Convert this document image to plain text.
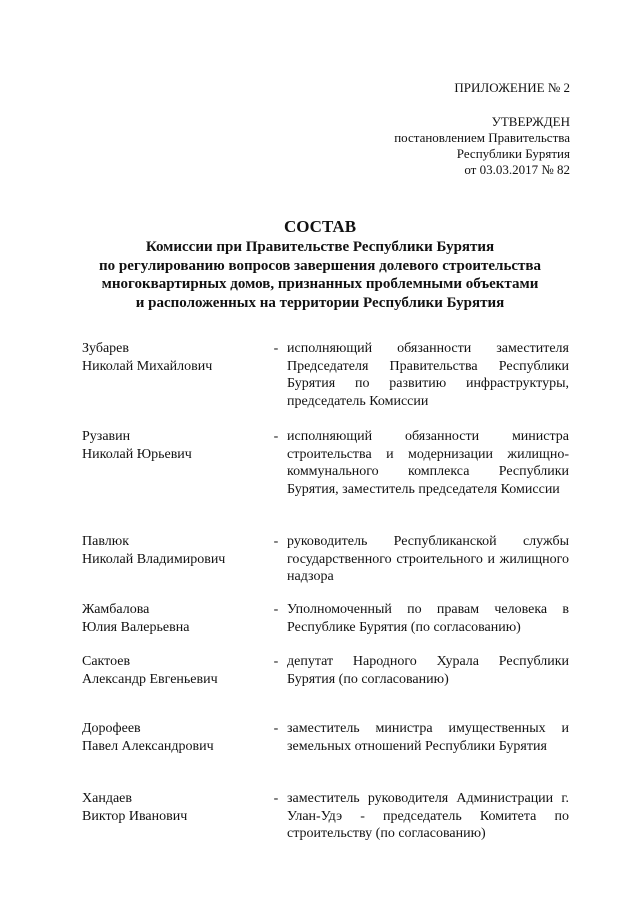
ПРИЛОЖЕНИЕ № 2
УТВЕРЖДЕН
постановлением Правительства
Республики Бурятия
от 03.03.2017 № 82
СОСТАВ
Комиссии при Правительстве Республики Бурятия
по регулированию вопросов завершения долевого строительства
многоквартирных домов, признанных проблемными объектами
и расположенных на территории Республики Бурятия
Зубарев
Николай Михайлович
- исполняющий обязанности заместителя Председателя Правительства Республики Бурятия по развитию инфраструктуры, председатель Комиссии
Рузавин
Николай Юрьевич
- исполняющий обязанности министра строительства и модернизации жилищно-коммунального комплекса Республики Бурятия, заместитель председателя Комиссии
Павлюк
Николай Владимирович
- руководитель Республиканской службы государственного строительного и жилищного надзора
Жамбалова
Юлия Валерьевна
- Уполномоченный по правам человека в Республике Бурятия (по согласованию)
Сактоев
Александр Евгеньевич
- депутат Народного Хурала Республики Бурятия (по согласованию)
Дорофеев
Павел Александрович
- заместитель министра имущественных и земельных отношений Республики Бурятия
Хандаев
Виктор Иванович
- заместитель руководителя Администрации г. Улан-Удэ - председатель Комитета по строительству (по согласованию)
